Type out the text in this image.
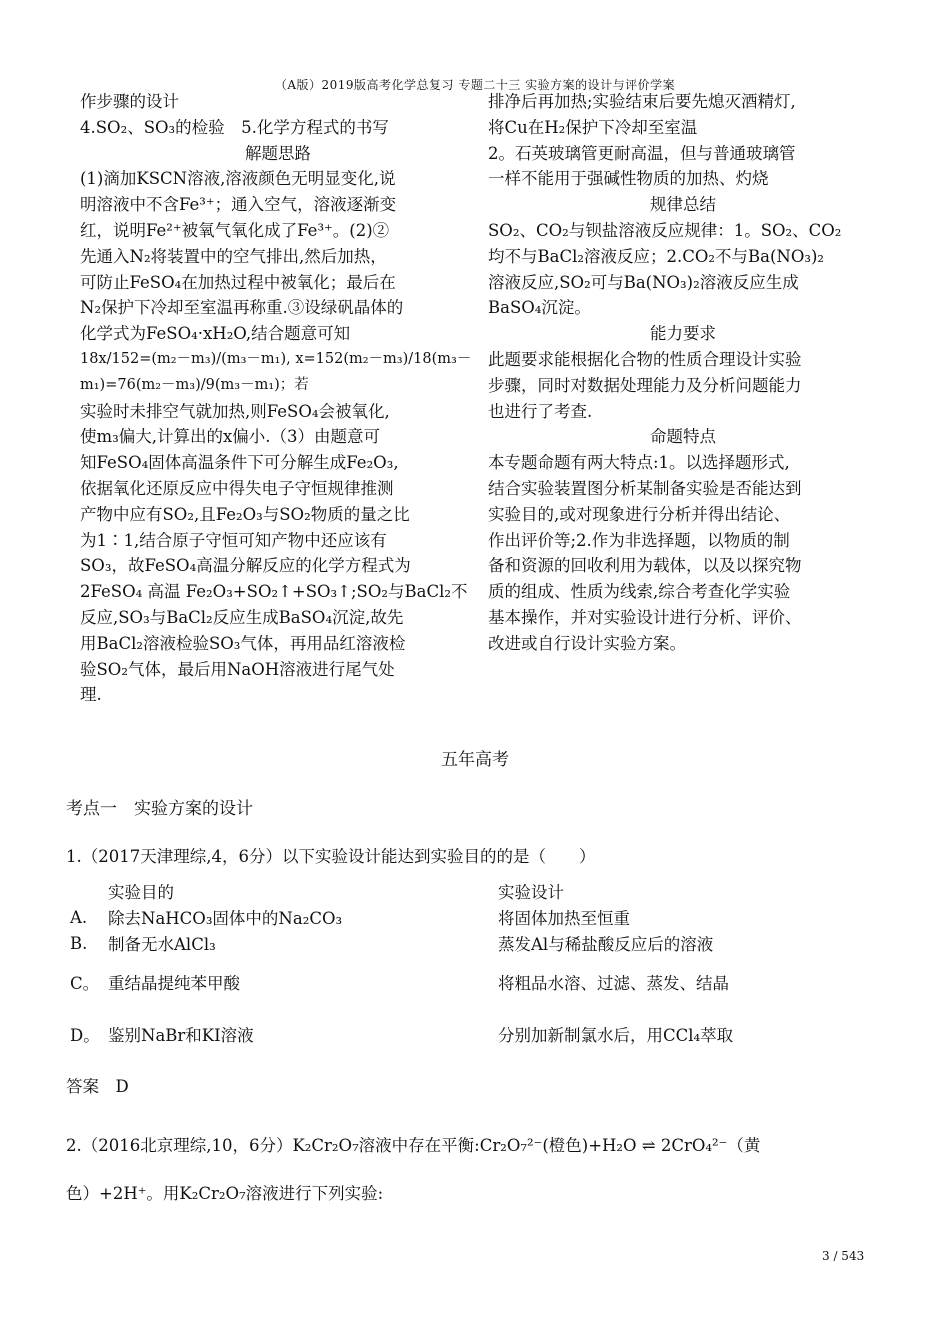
（A版）2019版高考化学总复习 专题二十三 实验方案的设计与评价学案

作步骤的设计

4.SO₂、SO₃的检验　5.化学方程式的书写

解题思路

(1)滴加KSCN溶液,溶液颜色无明显变化,说

明溶液中不含Fe³⁺；通入空气，溶液逐渐变

红，说明Fe²⁺被氧气氧化成了Fe³⁺。(2)②

先通入N₂将装置中的空气排出,然后加热，

可防止FeSO₄在加热过程中被氧化；最后在

N₂保护下冷却至室温再称重.③设绿矾晶体的

化学式为FeSO₄·xH₂O,结合题意可知

18x/152=(m₂－m₃)/(m₃－m₁), x=152(m₂－m₃)/18(m₃－m₁)=76(m₂－m₃)/9(m₃－m₁)；若

实验时未排空气就加热,则FeSO₄会被氧化,

使m₃偏大,计算出的x偏小.（3）由题意可

知FeSO₄固体高温条件下可分解生成Fe₂O₃,

依据氧化还原反应中得失电子守恒规律推测

产物中应有SO₂,且Fe₂O₃与SO₂物质的量之比

为1∶1,结合原子守恒可知产物中还应该有

SO₃，故FeSO₄高温分解反应的化学方程式为

2FeSO₄ 高温 Fe₂O₃+SO₂↑+SO₃↑;SO₂与BaCl₂不

反应,SO₃与BaCl₂反应生成BaSO₄沉淀,故先

用BaCl₂溶液检验SO₃气体，再用品红溶液检

验SO₂气体，最后用NaOH溶液进行尾气处

理.

排净后再加热;实验结束后要先熄灭酒精灯,

将Cu在H₂保护下冷却至室温

2。石英玻璃管更耐高温，但与普通玻璃管

一样不能用于强碱性物质的加热、灼烧

规律总结

SO₂、CO₂与钡盐溶液反应规律：1。SO₂、CO₂

均不与BaCl₂溶液反应；2.CO₂不与Ba(NO₃)₂

溶液反应,SO₂可与Ba(NO₃)₂溶液反应生成

BaSO₄沉淀。

能力要求

此题要求能根据化合物的性质合理设计实验

步骤，同时对数据处理能力及分析问题能力

也进行了考查.

命题特点

本专题命题有两大特点:1。以选择题形式,

结合实验装置图分析某制备实验是否能达到

实验目的,或对现象进行分析并得出结论、

作出评价等;2.作为非选择题，以物质的制

备和资源的回收利用为载体，以及以探究物

质的组成、性质为线索,综合考查化学实验

基本操作，并对实验设计进行分析、评价、

改进或自行设计实验方案。

五年高考
考点一　实验方案的设计
1.（2017天津理综,4，6分）以下实验设计能达到实验目的的是（　　）
	实验目的	实验设计
A.	除去NaHCO₃固体中的Na₂CO₃	将固体加热至恒重
B.	制备无水AlCl₃	蒸发Al与稀盐酸反应后的溶液
C。	重结晶提纯苯甲酸	将粗品水溶、过滤、蒸发、结晶
D。	鉴别NaBr和KI溶液	分别加新制氯水后，用CCl₄萃取
答案　D
2.（2016北京理综,10，6分）K₂Cr₂O₇溶液中存在平衡:Cr₂O₇²⁻(橙色)+H₂O ⇌ 2CrO₄²⁻（黄
色）+2H⁺。用K₂Cr₂O₇溶液进行下列实验:
3 / 543
